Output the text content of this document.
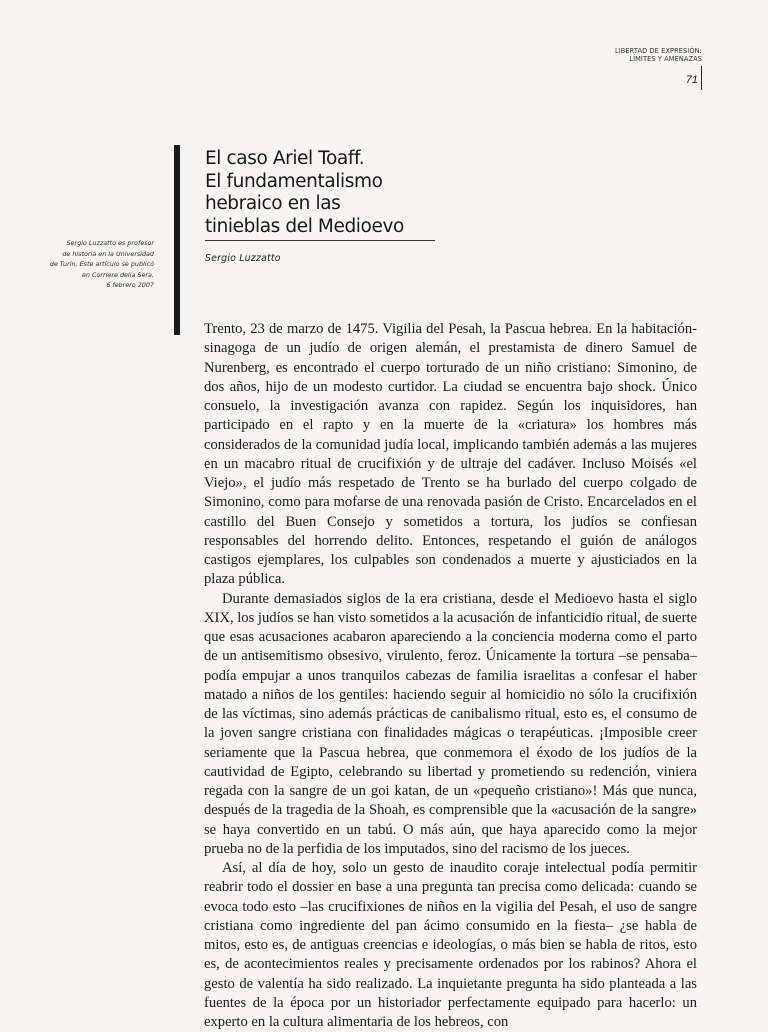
LIBERTAD DE EXPRESIÓN:
LÍMITES Y AMENAZAS
71
El caso Ariel Toaff.
El fundamentalismo
hebraico en las
tinieblas del Medioevo
Sergio Luzzatto
Sergio Luzzatto es profesor
de historia en la Universidad
de Turín. Este artículo se publicó
en Corriere della Sera,
6 febrero 2007

Trento, 23 de marzo de 1475. Vigilia del Pesah, la Pascua hebrea. En la habitación-sinagoga de un judío de origen alemán, el prestamista de dinero Samuel de Nurenberg, es encontrado el cuerpo torturado de un niño cristiano: Simonino, de dos años, hijo de un modesto curtidor. La ciudad se encuentra bajo shock. Único consuelo, la investigación avanza con rapidez. Según los inquisidores, han participado en el rapto y en la muerte de la «criatura» los hombres más considerados de la comunidad judía local, implicando también además a las mujeres en un macabro ritual de crucifixión y de ultraje del cadáver. Incluso Moisés «el Viejo», el judío más respetado de Trento se ha burlado del cuerpo colgado de Simonino, como para mofarse de una renovada pasión de Cristo. Encarcelados en el castillo del Buen Consejo y sometidos a tortura, los judíos se confiesan responsables del horrendo delito. Entonces, respetando el guión de análogos castigos ejemplares, los culpables son condenados a muerte y ajusticiados en la plaza pública.

Durante demasiados siglos de la era cristiana, desde el Medioevo hasta el siglo XIX, los judíos se han visto sometidos a la acusación de infanticidio ritual, de suerte que esas acusaciones acabaron apareciendo a la conciencia moderna como el parto de un antisemitismo obsesivo, virulento, feroz. Únicamente la tortura –se pensaba– podía empujar a unos tranquilos cabezas de familia israelitas a confesar el haber matado a niños de los gentiles: haciendo seguir al homicidio no sólo la crucifixión de las víctimas, sino además prácticas de canibalismo ritual, esto es, el consumo de la joven sangre cristiana con finalidades mágicas o terapéuticas. ¡Imposible creer seriamente que la Pascua hebrea, que conmemora el éxodo de los judíos de la cautividad de Egipto, celebrando su libertad y prometiendo su redención, viniera regada con la sangre de un goi katan, de un «pequeño cristiano»! Más que nunca, después de la tragedia de la Shoah, es comprensible que la «acusación de la sangre» se haya convertido en un tabú. O más aún, que haya aparecido como la mejor prueba no de la perfidia de los imputados, sino del racismo de los jueces.

Así, al día de hoy, solo un gesto de inaudito coraje intelectual podía permitir reabrir todo el dossier en base a una pregunta tan precisa como delicada: cuando se evoca todo esto –las crucifixiones de niños en la vigilia del Pesah, el uso de sangre cristiana como ingrediente del pan ácimo consumido en la fiesta– ¿se habla de mitos, esto es, de antiguas creencias e ideologías, o más bien se habla de ritos, esto es, de acontecimientos reales y precisamente ordenados por los rabinos? Ahora el gesto de valentía ha sido realizado. La inquietante pregunta ha sido planteada a las fuentes de la época por un historiador perfectamente equipado para hacerlo: un experto en la cultura alimentaria de los hebreos, con
